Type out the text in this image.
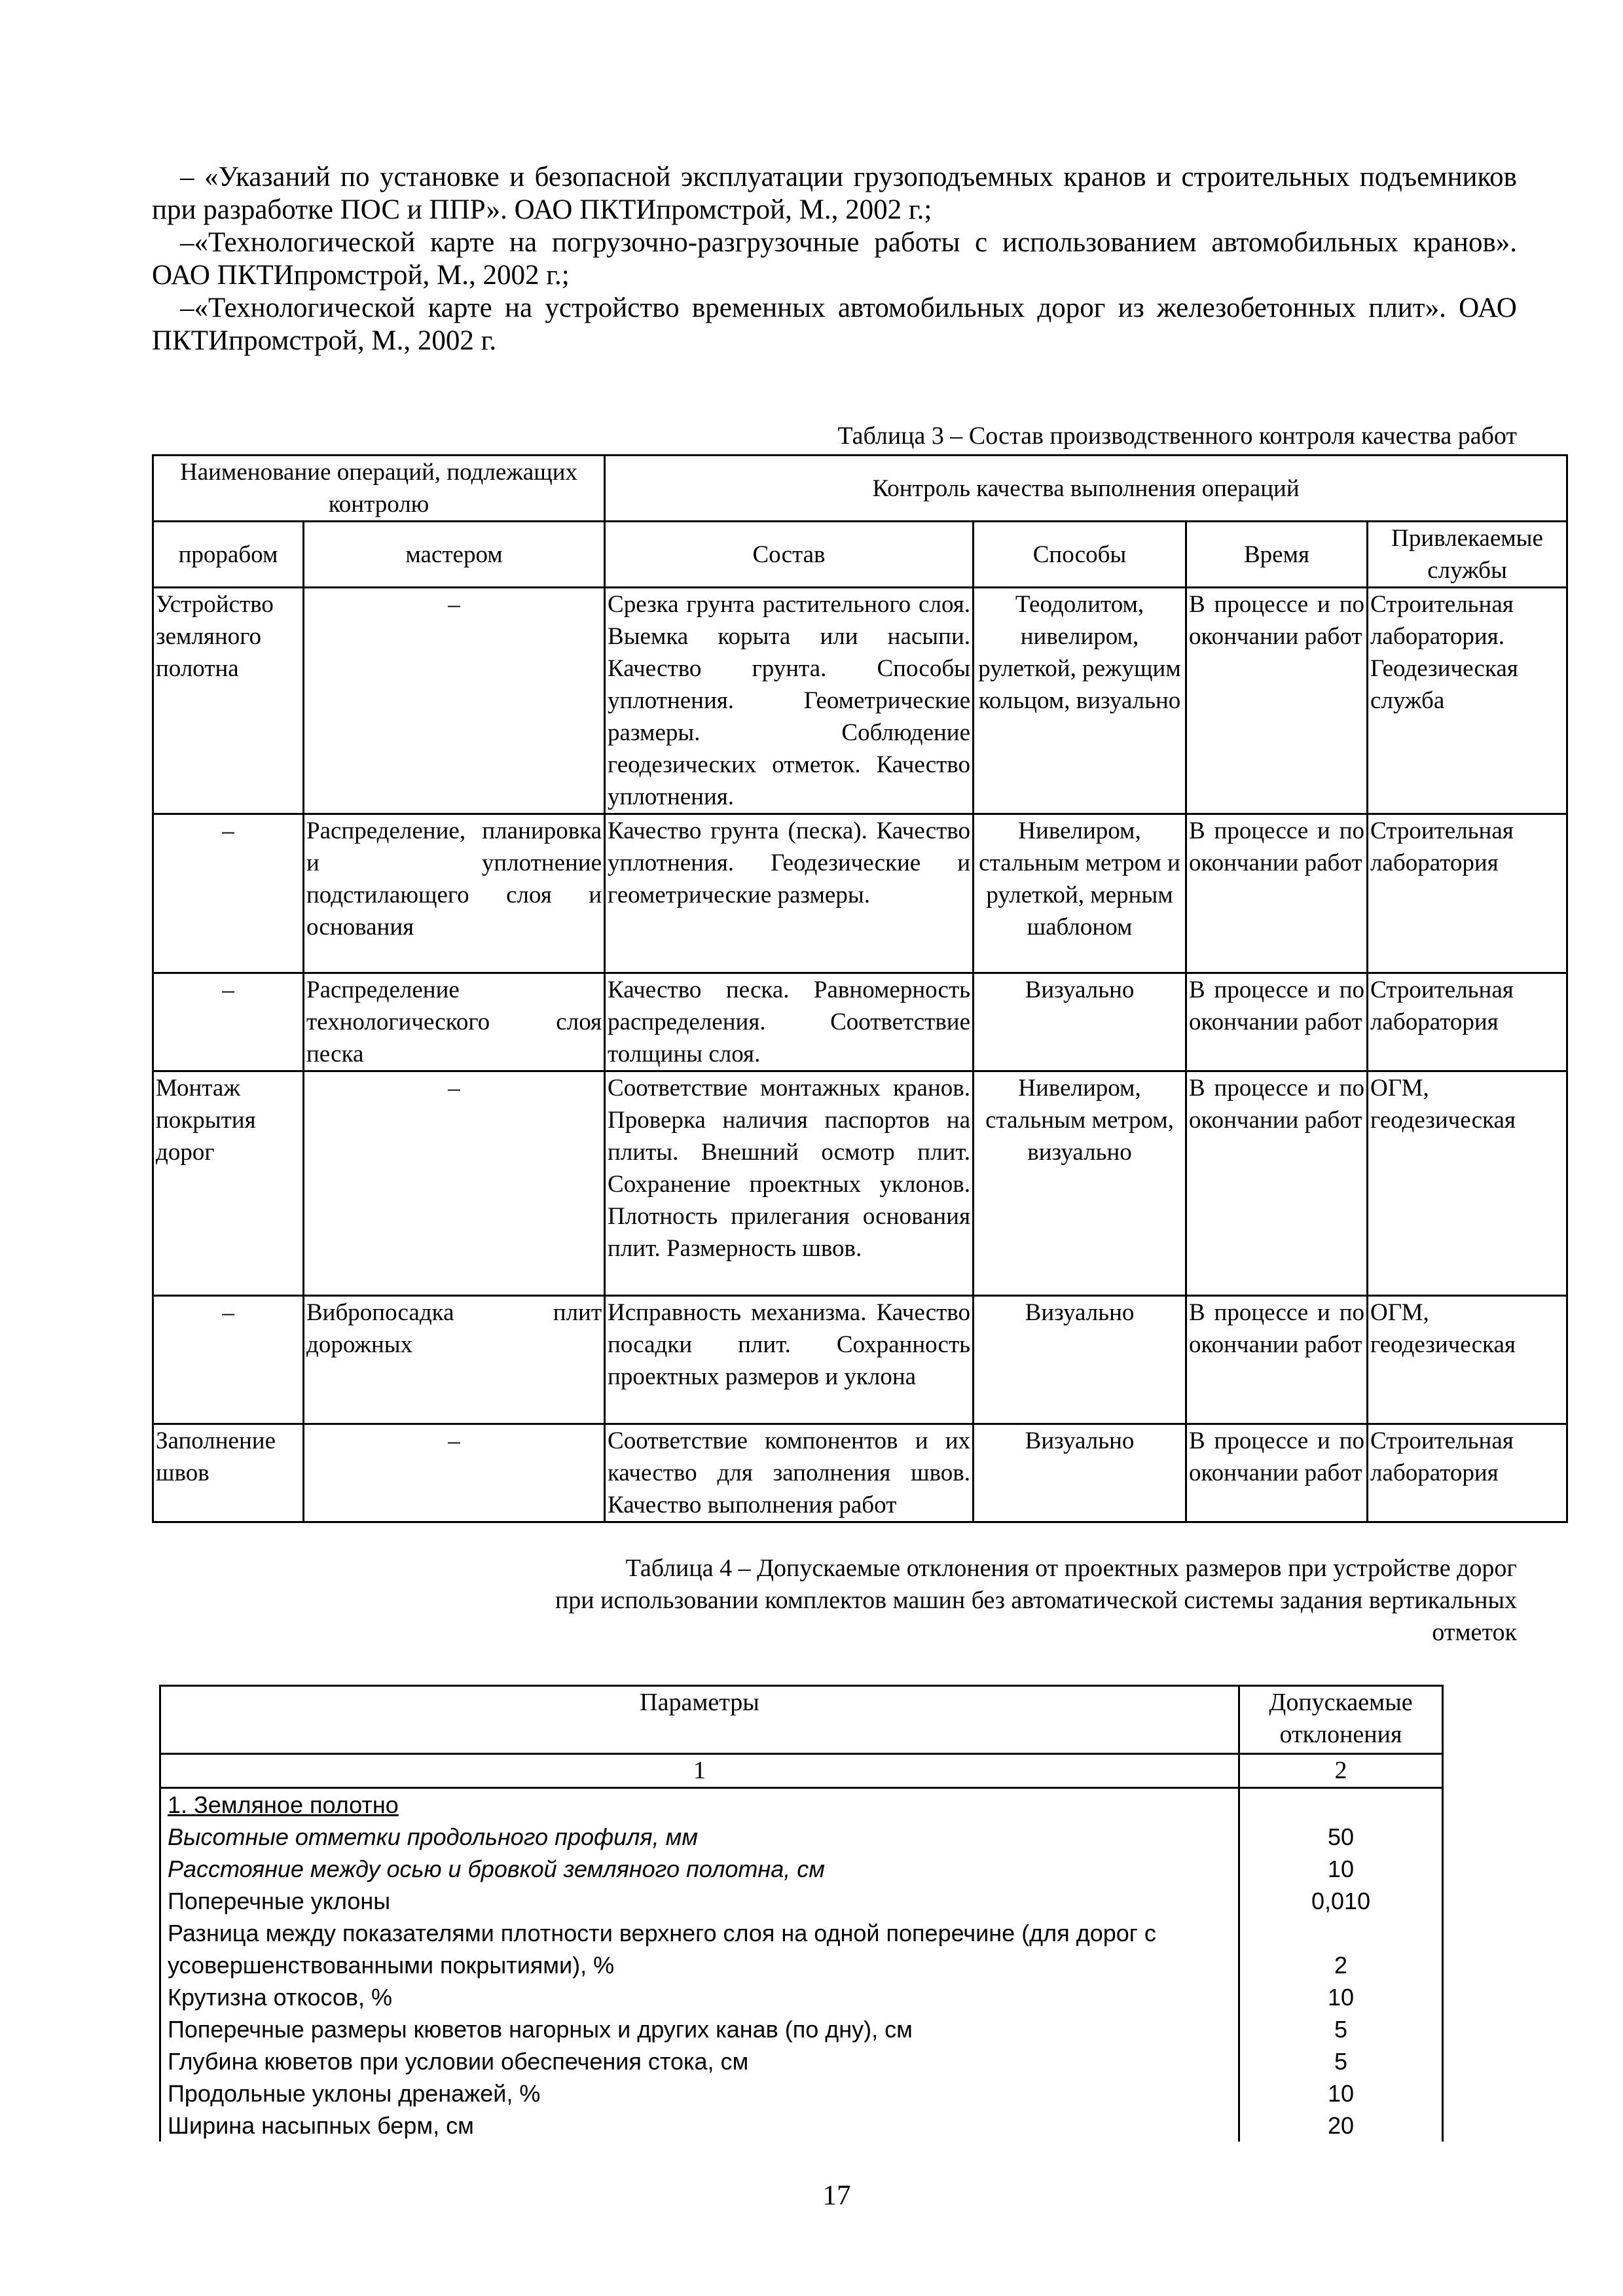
– «Указаний по установке и безопасной эксплуатации грузоподъемных кранов и строительных подъемников при разработке ПОС и ППР». ОАО ПКТИпромстрой, М., 2002 г.;

–«Технологической карте на погрузочно-разгрузочные работы с использованием автомобильных кранов». ОАО ПКТИпромстрой, М., 2002 г.;

–«Технологической карте на устройство временных автомобильных дорог из железобетонных плит». ОАО ПКТИпромстрой, М., 2002 г.

Таблица 3 – Состав производственного контроля качества работ

Наименование операций, подлежащих контролю		Контроль качества выполнения операций			
прорабом	мастером	Состав	Способы	Время	Привлекаемые службы
Устройство земляного полотна	–	Срезка грунта растительного слоя. Выемка корыта или насыпи. Качество грунта. Способы уплотнения. Геометрические размеры. Соблюдение геодезических отметок. Качество уплотнения.	Теодолитом, нивелиром, рулеткой, режущим кольцом, визуально	В процессе и по окончании работ	Строительная лаборатория. Геодезическая служба
–	Распределение, планировка и уплотнение подстилающего слоя и основания	Качество грунта (песка). Качество уплотнения. Геодезические и геометрические размеры.	Нивелиром, стальным метром и рулеткой, мерным шаблоном	В процессе и по окончании работ	Строительная лаборатория
–	Распределение технологического слоя песка	Качество песка. Равномерность распределения. Соответствие толщины слоя.	Визуально	В процессе и по окончании работ	Строительная лаборатория
Монтаж покрытия дорог	–	Соответствие монтажных кранов. Проверка наличия паспортов на плиты. Внешний осмотр плит. Сохранение проектных уклонов. Плотность прилегания основания плит. Размерность швов.	Нивелиром, стальным метром, визуально	В процессе и по окончании работ	ОГМ, геодезическая
–	Вибропосадка плит дорожных	Исправность механизма. Качество посадки плит. Сохранность проектных размеров и уклона	Визуально	В процессе и по окончании работ	ОГМ, геодезическая
Заполнение швов	–	Соответствие компонентов и их качество для заполнения швов. Качество выполнения работ	Визуально	В процессе и по окончании работ	Строительная лаборатория

Таблица 4 – Допускаемые отклонения от проектных размеров при устройстве дорог

при использовании комплектов машин без автоматической системы задания вертикальных

отметок

Параметры	Допускаемые отклонения
1	2
1. Земляное полотно	
Высотные отметки продольного профиля, мм	50
Расстояние между осью и бровкой земляного полотна, см	10
Поперечные уклоны	0,010
Разница между показателями плотности верхнего слоя на одной поперечине (для дорог с усовершенствованными покрытиями), %	2
Крутизна откосов, %	10
Поперечные размеры кюветов нагорных и других канав (по дну), см	5
Глубина кюветов при условии обеспечения стока, см	5
Продольные уклоны дренажей, %	10
Ширина насыпных берм, см	20
17
